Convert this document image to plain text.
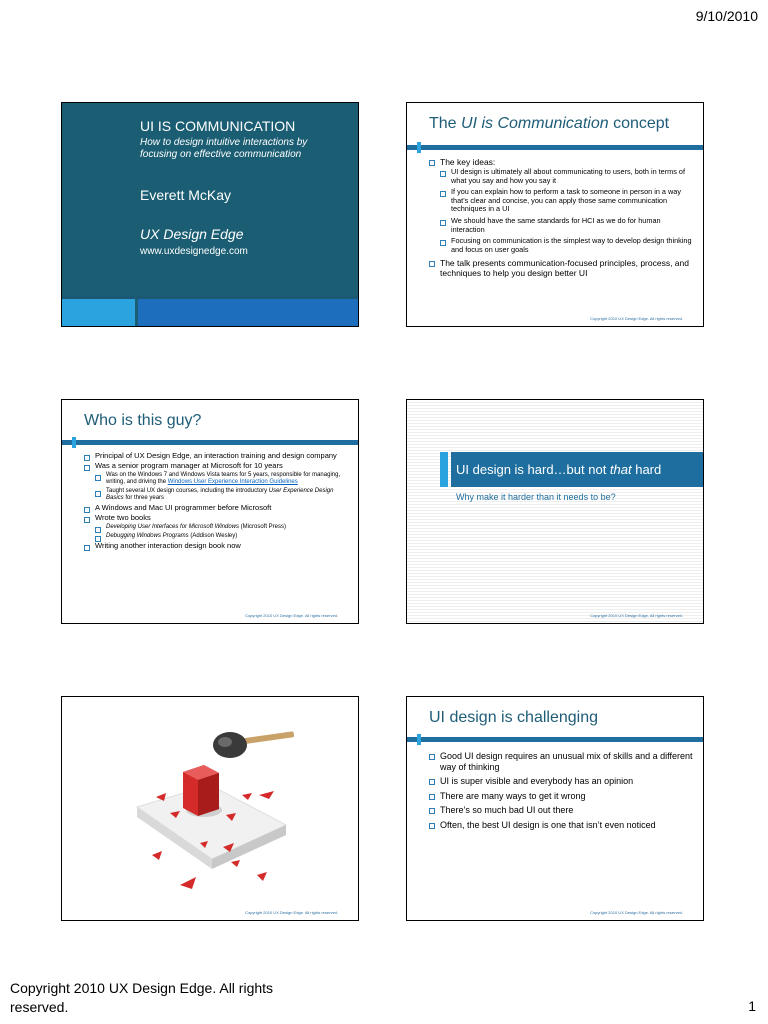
9/10/2010
UI IS COMMUNICATION
How to design intuitive interactions by focusing on effective communication
Everett McKay
UX Design Edge
www.uxdesignedge.com
The UI is Communication concept
The key ideas:
UI design is ultimately all about communicating to users, both in terms of what you say and how you say it
If you can explain how to perform a task to someone in person in a way that’s clear and concise, you can apply those same communication techniques in a UI
We should have the same standards for HCI as we do for human interaction
Focusing on communication is the simplest way to develop design thinking and focus on user goals
The talk presents communication-focused principles, process, and techniques to help you design better UI
Copyright 2010 UX Design Edge. All rights reserved.
Who is this guy?
Principal of UX Design Edge, an interaction training and design company
Was a senior program manager at Microsoft for 10 years
Was on the Windows 7 and Windows Vista teams for 5 years, responsible for managing, writing, and driving the Windows User Experience Interaction Guidelines
Taught several UX design courses, including the introductory User Experience Design Basics for three years
A Windows and Mac UI programmer before Microsoft
Wrote two books
Developing User Interfaces for Microsoft Windows (Microsoft Press)
Debugging Windows Programs (Addison Wesley)
Writing another interaction design book now
Copyright 2010 UX Design Edge. All rights reserved.
UI design is hard…but not that hard
Why make it harder than it needs to be?
Copyright 2010 UX Design Edge. All rights reserved.
Copyright 2010 UX Design Edge. All rights reserved.
UI design is challenging
Good UI design requires an unusual mix of skills and a different way of thinking
UI is super visible and everybody has an opinion
There are many ways to get it wrong
There’s so much bad UI out there
Often, the best UI design is one that isn’t even noticed
Copyright 2010 UX Design Edge. All rights reserved.
Copyright 2010 UX Design Edge. All rights reserved.	1
